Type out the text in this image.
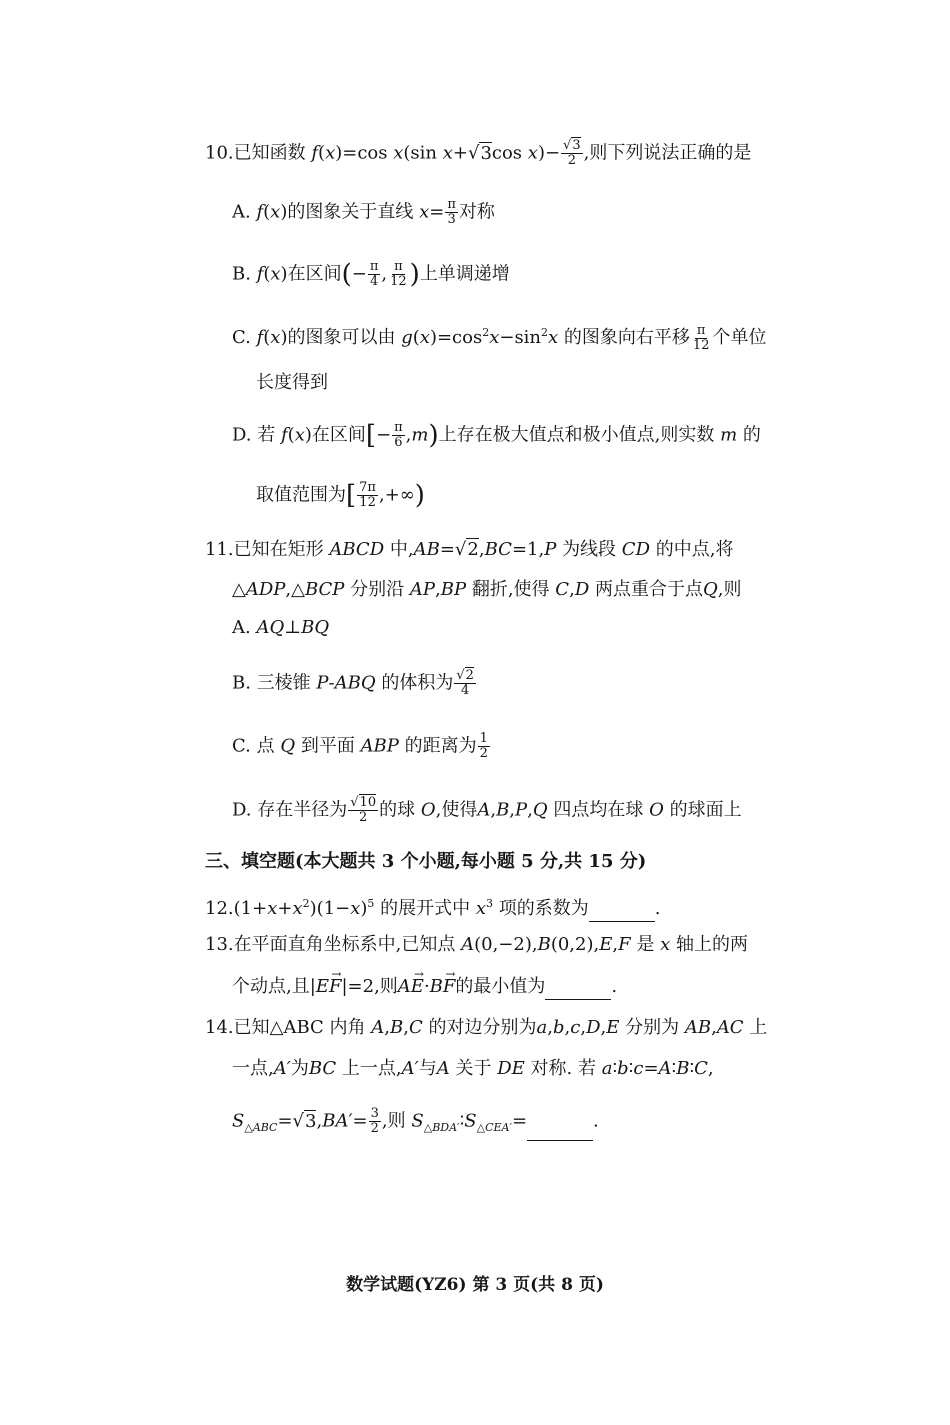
10.已知函数 f(x)=cos x(sin x+√3cos $x)- \frac{√3}{2}$ ,则下列说法正确的是
A. f(x)的图象关于直线 $x= \frac{\pi}{3}$ 对称
B. f(x)在区间(− $\frac{\pi}{4}$ , $\frac{\pi}{12}$ )上单调递增
C. f(x)的图象可以由 $g(x)=\cos^2x-\sin^2x$ 的图象向右平移 $\frac{\pi}{12}$ 个单位
长度得到
D. 若 f(x)在区间[− $\frac{\pi}{6} ,m$)上存在极大值点和极小值点,则实数 m 的
取值范围为[ $\frac{7\pi}{12}$ ,+∞)
11.已知在矩形 ABCD 中,AB=√2,BC=1,P 为线段 CD 的中点,将
△ADP,△BCP 分别沿 AP,BP 翻折,使得 C,D 两点重合于点Q,则
A. AQ⊥BQ
B. 三棱锥 P-ABQ 的体积为 $\frac{√2}{4}$
C. 点 Q 到平面 ABP 的距离为 $\frac{1}{2}$
D. 存在半径为 $\frac{√10}{2}$ 的球 O,使得A,B,P,Q 四点均在球 O 的球面上
三、填空题(本大题共 3 个小题,每小题 5 分,共 15 分)
$12.(1+x+x^2)(1-x)^5$ 的展开式中 $x^3$ 项的系数为	.
13.在平面直角坐标系中,已知点 A(0,−2),B(0,2),E,F 是 x 轴上的两
个动点,且|→ EF|=2,则→ AE·→ BF的最小值为	.
14.已知△ABC 内角 A,B,C 的对边分别为a,b,c,D,E 分别为 AB,AC 上
一点,A′为BC 上一点,A′与A 关于 DE 对称. 若 a∶b∶c=A∶B∶C,
$S_{\triangle ABC}=√3,BA'= \frac{3}{2}$ ,则 $S_{\triangle BDA'}∶S_{\triangle CEA'}=$	.
数学试题(YZ6) 第 3 页(共 8 页)
